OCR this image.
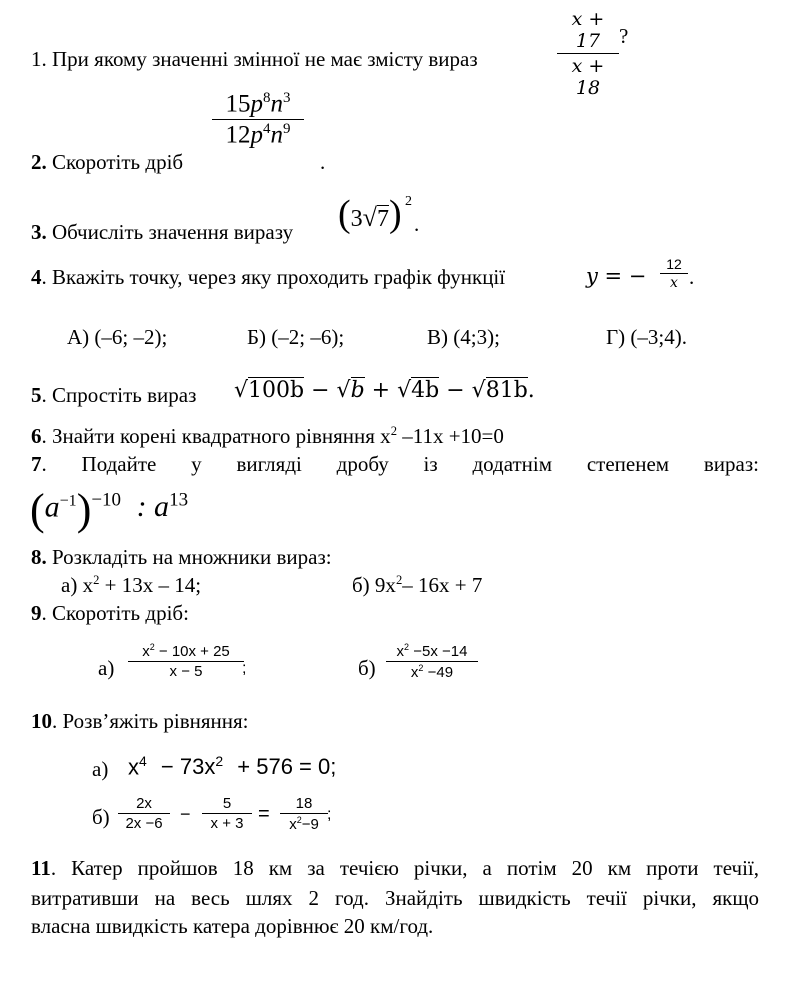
1. При якому значенні змінної не має змісту вираз
x + 17
x + 18
?
$15p^8n^3$
$12p^4n^9$
2. Скоротіть дріб	.
3. Обчисліть значення виразу (3√7) 2
.
4. Вкажіть точку, через яку проходить графік функції	y = −	12
x .
А) (–6; –2);	Б) (–2; –6);	В) (4;3);	Г) (–3;4).
5. Спростіть вираз √100b − √b + √4b − √81b.
6. Знайти корені квадратного рівняння $x^2$ –11x +10=0
7. Подайте у вигляді дробу із додатнім степенем вираз:
$(a^{-1})^{-10}$ : $a^{13}$
8. Розкладіть на множники вираз:
а) $x^2 + 13x - 14$;	б) $9x^2-$ 16x + 7
9. Скоротіть дріб:
а)
$x^2 - 10x + 25$
x − 5	;	б)
$x^2 -5x -14$
$x^2 -49$
10. Розв’яжіть рівняння:
а) $x^4 - 73x^2 + 576 = 0$;
б)
2x
2x −6 −
5
x + 3 =	18
$x^2-9$
;
11. Катер пройшов 18 км за течією річки, а потім 20 км проти течії,
витративши на весь шлях 2 год. Знайдіть швидкість течії річки, якщо
власна швидкість катера дорівнює 20 км/год.
